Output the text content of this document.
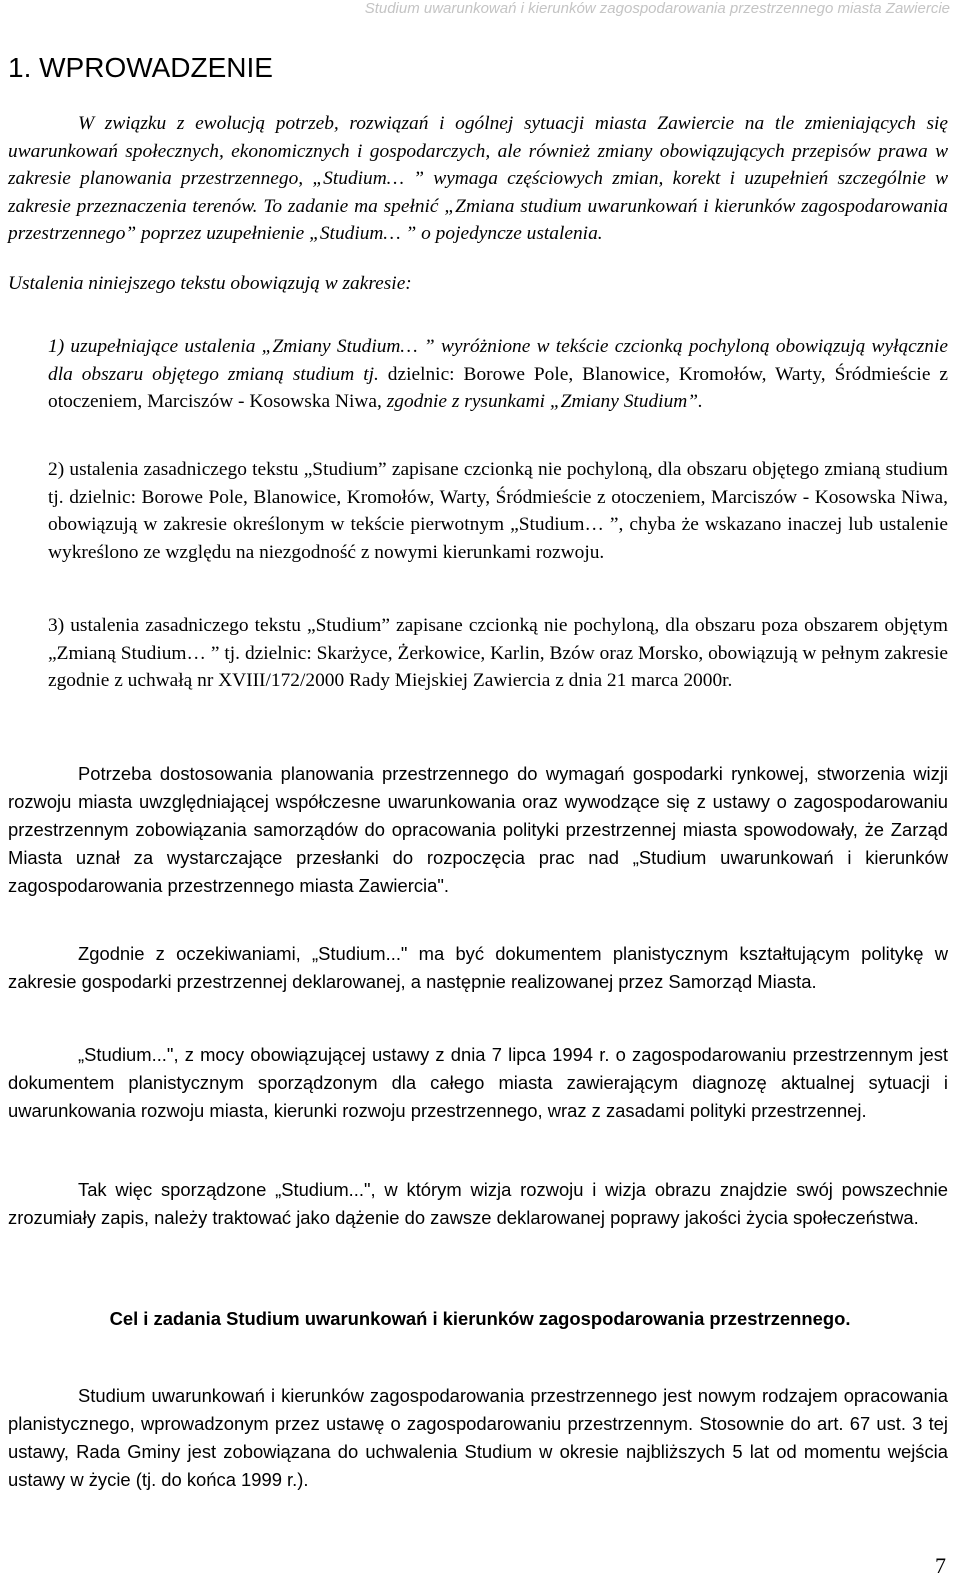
Studium uwarunkowań i kierunków zagospodarowania przestrzennego miasta Zawiercie
1. WPROWADZENIE

W związku z ewolucją potrzeb, rozwiązań i ogólnej sytuacji miasta Zawiercie na tle zmieniających się uwarunkowań społecznych, ekonomicznych i gospodarczych, ale również zmiany obowiązujących przepisów prawa w zakresie planowania przestrzennego, „Studium… ” wymaga częściowych zmian, korekt i uzupełnień szczególnie w zakresie przeznaczenia terenów. To zadanie ma spełnić „Zmiana studium uwarunkowań i kierunków zagospodarowania przestrzennego” poprzez uzupełnienie „Studium… ” o pojedyncze ustalenia.

Ustalenia niniejszego tekstu obowiązują w zakresie:

1) uzupełniające ustalenia „Zmiany Studium… ” wyróżnione w tekście czcionką pochyloną obowiązują wyłącznie dla obszaru objętego zmianą studium tj. dzielnic: Borowe Pole, Blanowice, Kromołów, Warty, Śródmieście z otoczeniem, Marciszów - Kosowska Niwa, zgodnie z rysunkami „Zmiany Studium”.

2) ustalenia zasadniczego tekstu „Studium” zapisane czcionką nie pochyloną, dla obszaru objętego zmianą studium tj. dzielnic: Borowe Pole, Blanowice, Kromołów, Warty, Śródmieście z otoczeniem, Marciszów - Kosowska Niwa, obowiązują w zakresie określonym w tekście pierwotnym „Studium… ”, chyba że wskazano inaczej lub ustalenie wykreślono ze względu na niezgodność z nowymi kierunkami rozwoju.

3) ustalenia zasadniczego tekstu „Studium” zapisane czcionką nie pochyloną, dla obszaru poza obszarem objętym „Zmianą Studium… ” tj. dzielnic: Skarżyce, Żerkowice, Karlin, Bzów oraz Morsko, obowiązują w pełnym zakresie zgodnie z uchwałą nr XVIII/172/2000 Rady Miejskiej Zawiercia z dnia 21 marca 2000r.

Potrzeba dostosowania planowania przestrzennego do wymagań gospodarki rynkowej, stworzenia wizji rozwoju miasta uwzględniającej współczesne uwarunkowania oraz wywodzące się z ustawy o zagospodarowaniu przestrzennym zobowiązania samorządów do opracowania polityki przestrzennej miasta spowodowały, że Zarząd Miasta uznał za wystarczające przesłanki do rozpoczęcia prac nad „Studium uwarunkowań i kierunków zagospodarowania przestrzennego miasta Zawiercia".

Zgodnie z oczekiwaniami, „Studium..." ma być dokumentem planistycznym kształtującym politykę w zakresie gospodarki przestrzennej deklarowanej, a następnie realizowanej przez Samorząd Miasta.

„Studium...", z mocy obowiązującej ustawy z dnia 7 lipca 1994 r. o zagospodarowaniu przestrzennym jest dokumentem planistycznym sporządzonym dla całego miasta zawierającym diagnozę aktualnej sytuacji i uwarunkowania rozwoju miasta, kierunki rozwoju przestrzennego, wraz z zasadami polityki przestrzennej.

Tak więc sporządzone „Studium...", w którym wizja rozwoju i wizja obrazu znajdzie swój powszechnie zrozumiały zapis, należy traktować jako dążenie do zawsze deklarowanej poprawy jakości życia społeczeństwa.

Cel i zadania Studium uwarunkowań i kierunków zagospodarowania przestrzennego.

Studium uwarunkowań i kierunków zagospodarowania przestrzennego jest nowym rodzajem opracowania planistycznego, wprowadzonym przez ustawę o zagospodarowaniu przestrzennym. Stosownie do art. 67 ust. 3 tej ustawy, Rada Gminy jest zobowiązana do uchwalenia Studium w okresie najbliższych 5 lat od momentu wejścia ustawy w życie (tj. do końca 1999 r.).

7
